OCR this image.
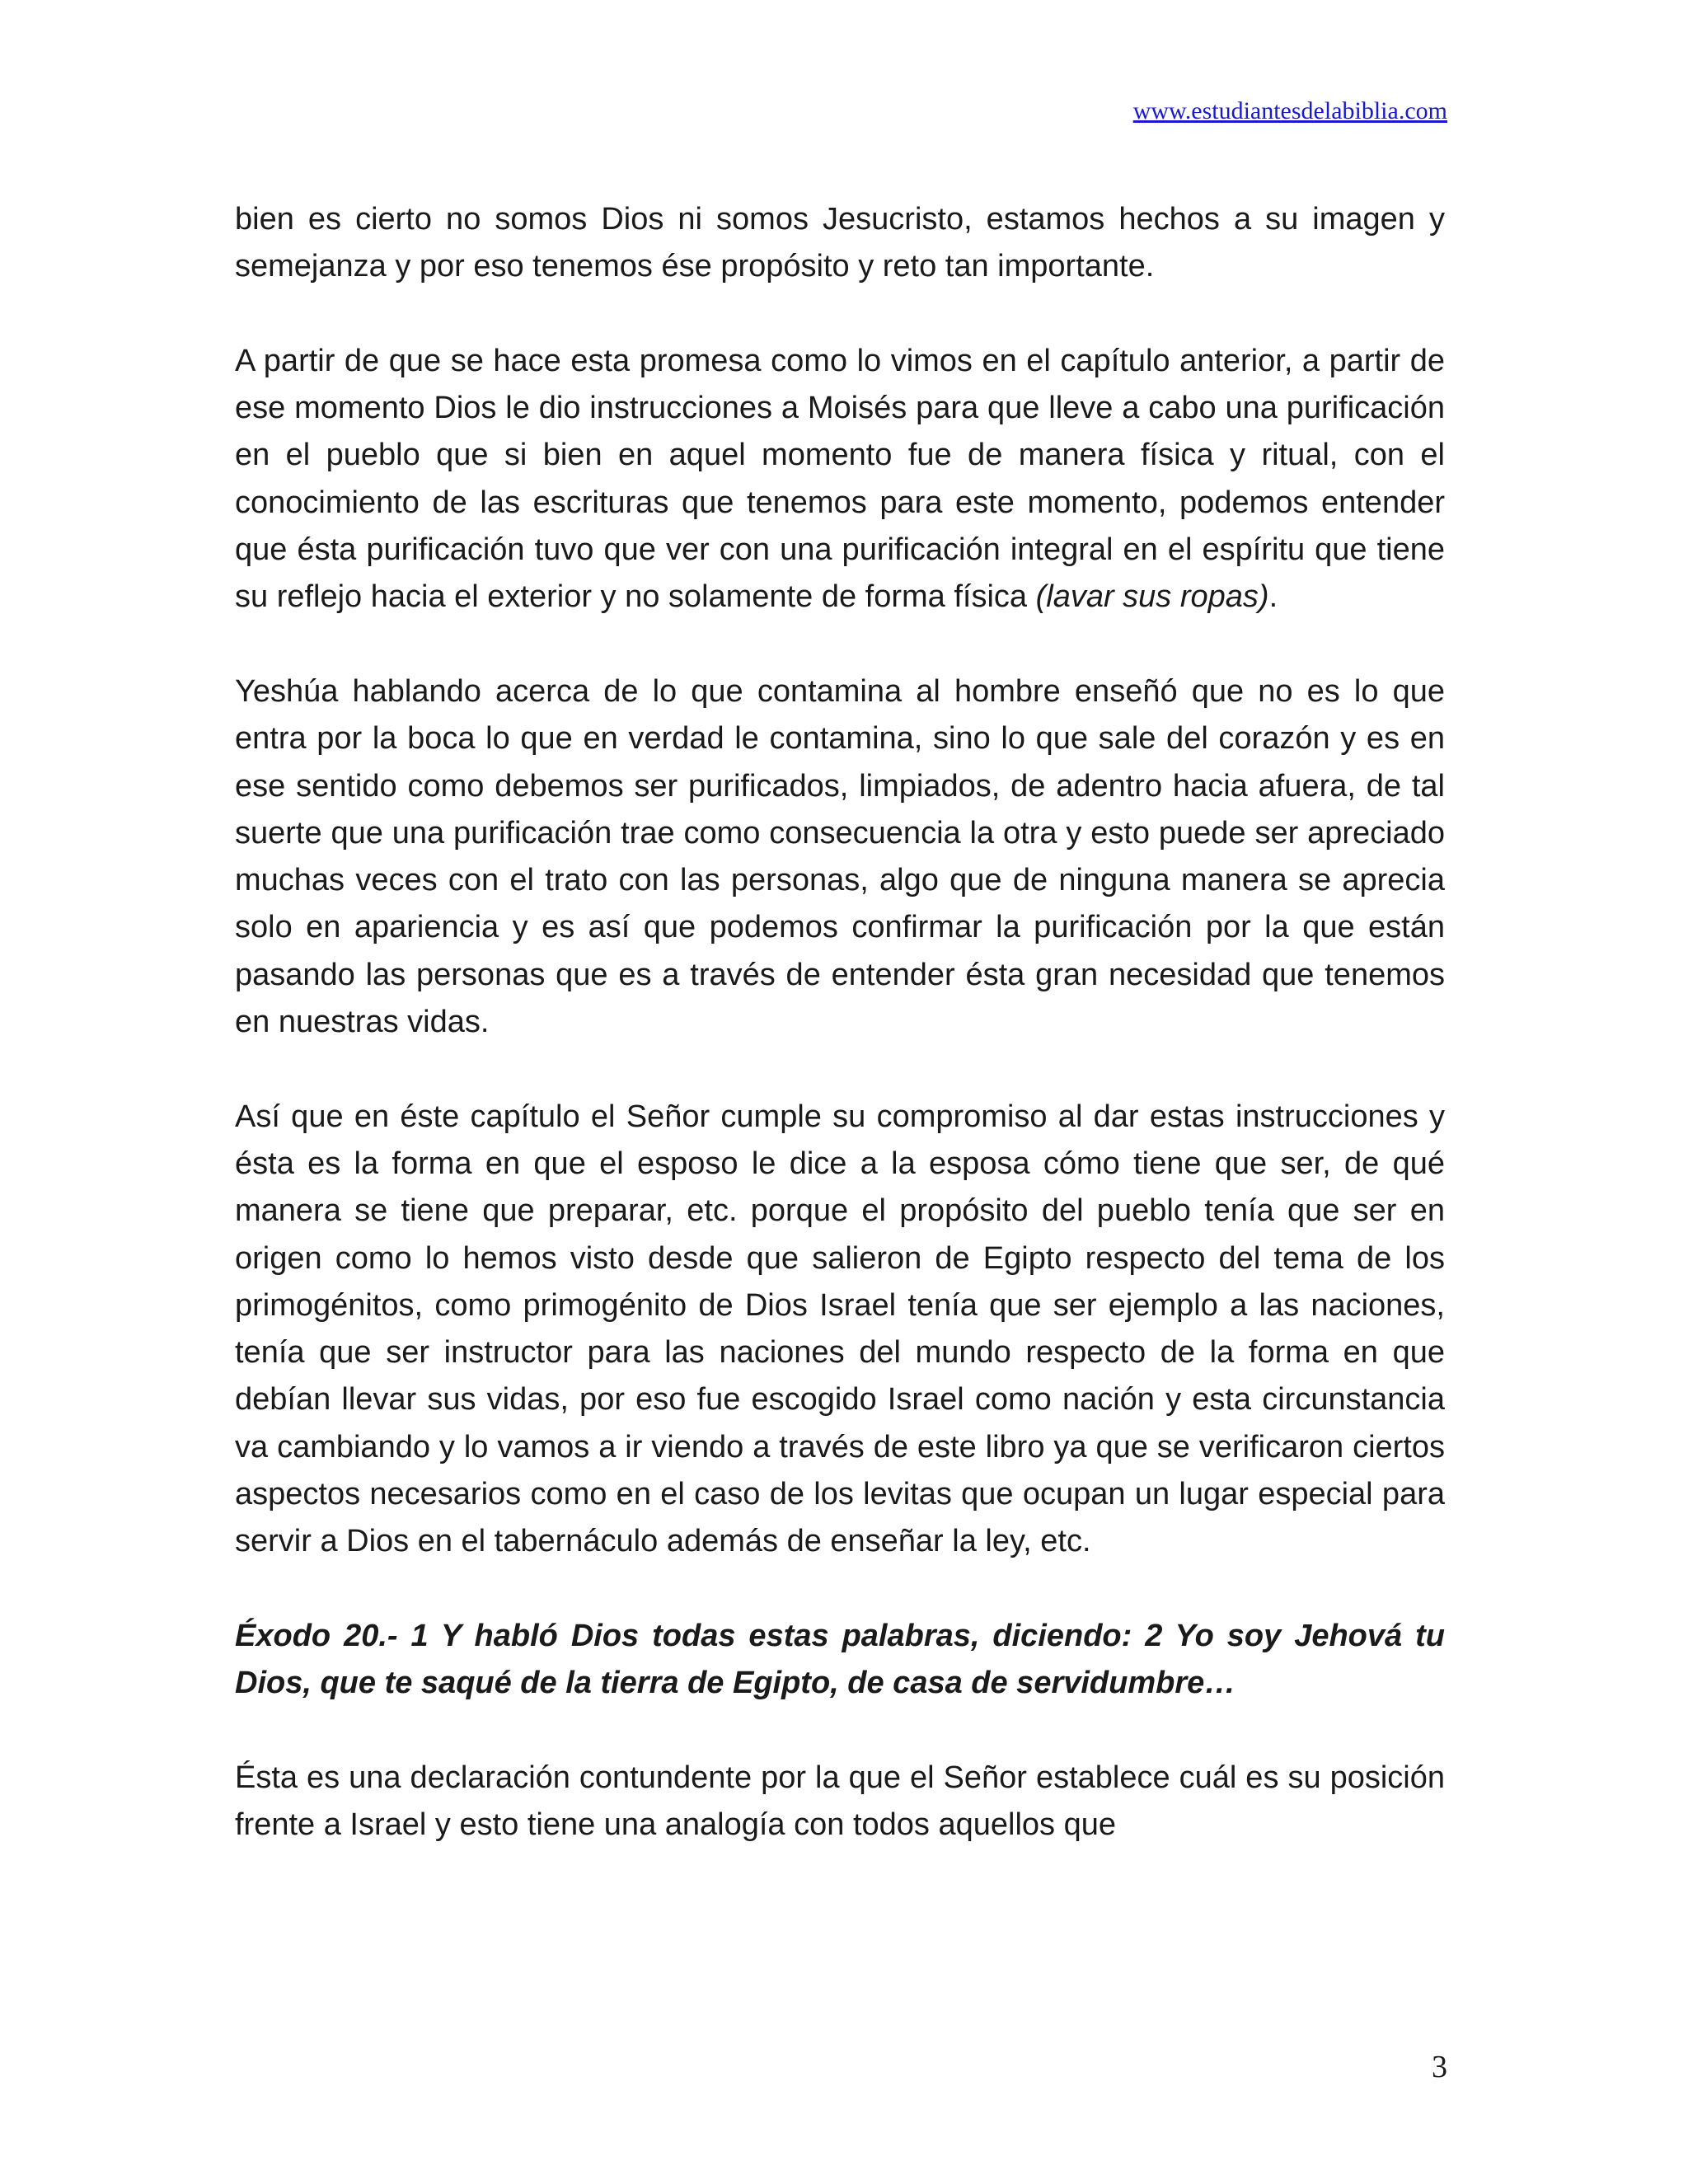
www.estudiantesdelabiblia.com

bien es cierto no somos Dios ni somos Jesucristo, estamos hechos a su imagen y semejanza y por eso tenemos ése propósito y reto tan importante.

A partir de que se hace esta promesa como lo vimos en el capítulo anterior, a partir de ese momento Dios le dio instrucciones a Moisés para que lleve a cabo una purificación en el pueblo que si bien en aquel momento fue de manera física y ritual, con el conocimiento de las escrituras que tenemos para este momento, podemos entender que ésta purificación tuvo que ver con una purificación integral en el espíritu que tiene su reflejo hacia el exterior y no solamente de forma física (lavar sus ropas).

Yeshúa hablando acerca de lo que contamina al hombre enseñó que no es lo que entra por la boca lo que en verdad le contamina, sino lo que sale del corazón y es en ese sentido como debemos ser purificados, limpiados, de adentro hacia afuera, de tal suerte que una purificación trae como consecuencia la otra y esto puede ser apreciado muchas veces con el trato con las personas, algo que de ninguna manera se aprecia solo en apariencia y es así que podemos confirmar la purificación por la que están pasando las personas que es a través de entender ésta gran necesidad que tenemos en nuestras vidas.

Así que en éste capítulo el Señor cumple su compromiso al dar estas instrucciones y ésta es la forma en que el esposo le dice a la esposa cómo tiene que ser, de qué manera se tiene que preparar, etc. porque el propósito del pueblo tenía que ser en origen como lo hemos visto desde que salieron de Egipto respecto del tema de los primogénitos, como primogénito de Dios Israel tenía que ser ejemplo a las naciones, tenía que ser instructor para las naciones del mundo respecto de la forma en que debían llevar sus vidas, por eso fue escogido Israel como nación y esta circunstancia va cambiando y lo vamos a ir viendo a través de este libro ya que se verificaron ciertos aspectos necesarios como en el caso de los levitas que ocupan un lugar especial para servir a Dios en el tabernáculo además de enseñar la ley, etc.

Éxodo 20.- 1 Y habló Dios todas estas palabras, diciendo: 2 Yo soy Jehová tu Dios, que te saqué de la tierra de Egipto, de casa de servidumbre…

Ésta es una declaración contundente por la que el Señor establece cuál es su posición frente a Israel y esto tiene una analogía con todos aquellos que

3
